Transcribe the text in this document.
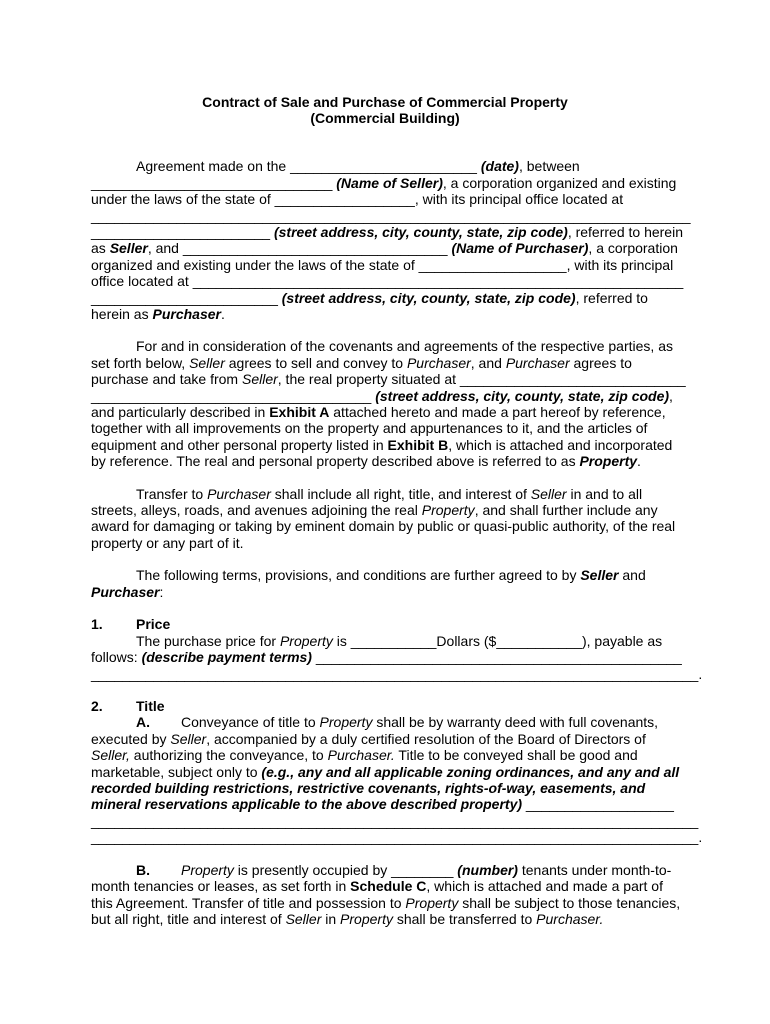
Contract of Sale and Purchase of Commercial Property
(Commercial Building)
Agreement made on the ________________________ (date), between
_______________________________ (Name of Seller), a corporation organized and existing
under the laws of the state of __________________, with its principal office located at
_____________________________________________________________________________
_______________________ (street address, city, county, state, zip code), referred to herein
as Seller, and __________________________________ (Name of Purchaser), a corporation
organized and existing under the laws of the state of ___________________, with its principal
office located at _______________________________________________________________
________________________ (street address, city, county, state, zip code), referred to
herein as Purchaser.
For and in consideration of the covenants and agreements of the respective parties, as
set forth below, Seller agrees to sell and convey to Purchaser, and Purchaser agrees to
purchase and take from Seller, the real property situated at _____________________________
____________________________________ (street address, city, county, state, zip code),
and particularly described in Exhibit A attached hereto and made a part hereof by reference,
together with all improvements on the property and appurtenances to it, and the articles of
equipment and other personal property listed in Exhibit B, which is attached and incorporated
by reference. The real and personal property described above is referred to as Property.
Transfer to Purchaser shall include all right, title, and interest of Seller in and to all
streets, alleys, roads, and avenues adjoining the real Property, and shall further include any
award for damaging or taking by eminent domain by public or quasi-public authority, of the real
property or any part of it.
The following terms, provisions, and conditions are further agreed to by Seller and
Purchaser:
1. Price
The purchase price for Property is ___________Dollars ($___________), payable as
follows: (describe payment terms) _______________________________________________
______________________________________________________________________________.
2. Title
A. Conveyance of title to Property shall be by warranty deed with full covenants,
executed by Seller, accompanied by a duly certified resolution of the Board of Directors of
Seller, authorizing the conveyance, to Purchaser. Title to be conveyed shall be good and
marketable, subject only to (e.g., any and all applicable zoning ordinances, and any and all
recorded building restrictions, restrictive covenants, rights-of-way, easements, and
mineral reservations applicable to the above described property) ___________________
______________________________________________________________________________
______________________________________________________________________________.
B. Property is presently occupied by ________ (number) tenants under month-to-
month tenancies or leases, as set forth in Schedule C, which is attached and made a part of
this Agreement. Transfer of title and possession to Property shall be subject to those tenancies,
but all right, title and interest of Seller in Property shall be transferred to Purchaser.
